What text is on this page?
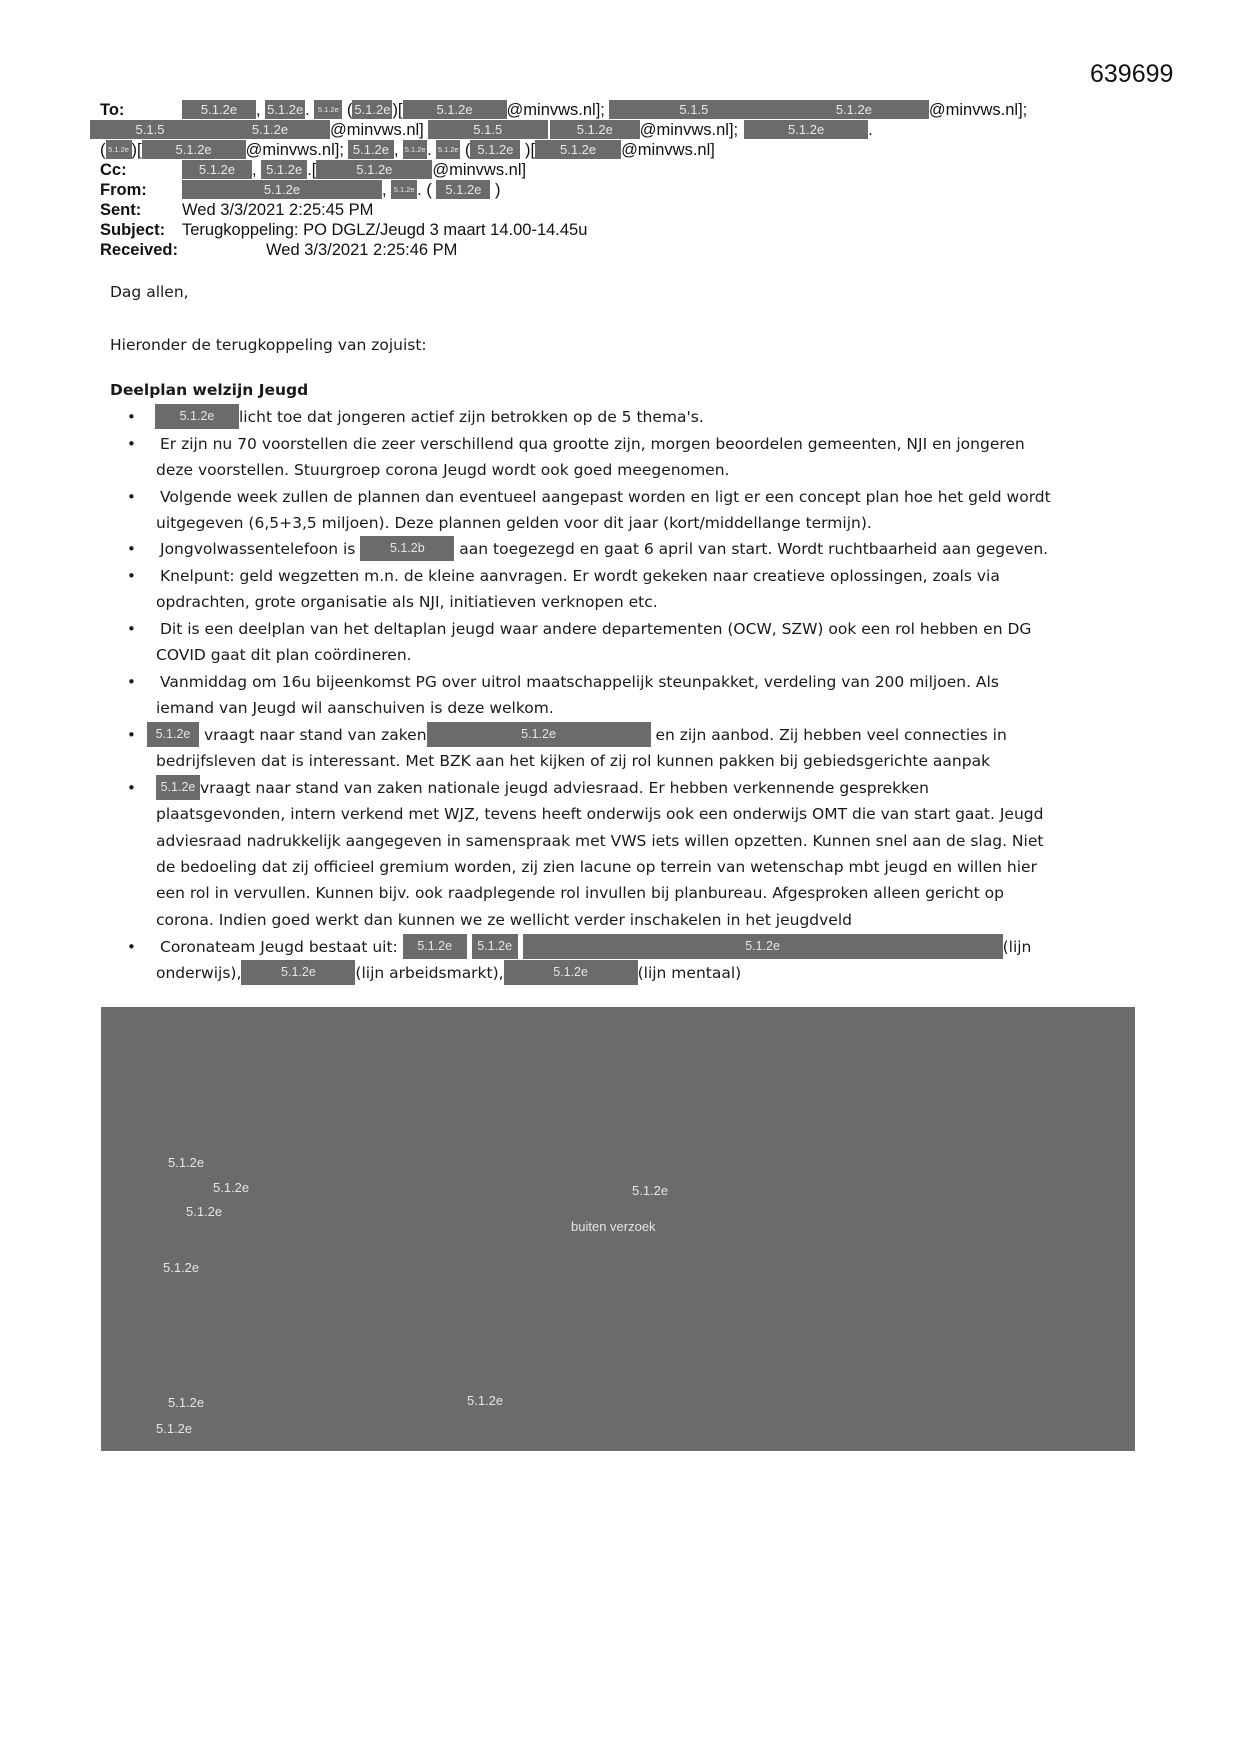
639699
To:	5.1.2e , 5.1.2e . 5.1.2e ( 5.1.2e )[	5.1.2e @minvws.nl];	5.1.5	5.1.2e	@minvws.nl];
5.1.5	5.1.2e	@minvws.nl]	5.1.5	5.1.2e @minvws.nl];	5.1.2e	.
( 5.1.2e )[	5.1.2e @minvws.nl]; 5.1.2e , 5.1.2e. 5.1.2e ( 5.1.2e )[ 5.1.2e @minvws.nl]
Cc:	5.1.2e , 5.1.2e .[	5.1.2e @minvws.nl]
From:	5.1.2e	, 5.1.2e . ( 5.1.2e )
Sent: Wed 3/3/2021 2:25:45 PM
Subject: Terugkoppeling: PO DGLZ/Jeugd 3 maart 14.00-14.45u
Received:	Wed 3/3/2021 2:25:46 PM
Dag allen,
Hieronder de terugkoppeling van zojuist:
Deelplan welzijn Jeugd
•	5.1.2e licht toe dat jongeren actief zijn betrokken op de 5 thema's.
• Er zijn nu 70 voorstellen die zeer verschillend qua grootte zijn, morgen beoordelen gemeenten, NJI en jongeren
deze voorstellen. Stuurgroep corona Jeugd wordt ook goed meegenomen.
• Volgende week zullen de plannen dan eventueel aangepast worden en ligt er een concept plan hoe het geld wordt
uitgegeven (6,5+3,5 miljoen). Deze plannen gelden voor dit jaar (kort/middellange termijn).
• Jongvolwassentelefoon is	5.1.2b aan toegezegd en gaat 6 april van start. Wordt ruchtbaarheid aan gegeven.
• Knelpunt: geld wegzetten m.n. de kleine aanvragen. Er wordt gekeken naar creatieve oplossingen, zoals via
opdrachten, grote organisatie als NJI, initiatieven verknopen etc.
• Dit is een deelplan van het deltaplan jeugd waar andere departementen (OCW, SZW) ook een rol hebben en DG
COVID gaat dit plan coördineren.
• Vanmiddag om 16u bijeenkomst PG over uitrol maatschappelijk steunpakket, verdeling van 200 miljoen. Als
iemand van Jeugd wil aanschuiven is deze welkom.
•	5.1.2e vraagt naar stand van zaken	5.1.2e	en zijn aanbod. Zij hebben veel connecties in
bedrijfsleven dat is interessant. Met BZK aan het kijken of zij rol kunnen pakken bij gebiedsgerichte aanpak
•	5.1.2e vraagt naar stand van zaken nationale jeugd adviesraad. Er hebben verkennende gesprekken
plaatsgevonden, intern verkend met WJZ, tevens heeft onderwijs ook een onderwijs OMT die van start gaat. Jeugd
adviesraad nadrukkelijk aangegeven in samenspraak met VWS iets willen opzetten. Kunnen snel aan de slag. Niet
de bedoeling dat zij officieel gremium worden, zij zien lacune op terrein van wetenschap mbt jeugd en willen hier
een rol in vervullen. Kunnen bijv. ook raadplegende rol invullen bij planbureau. Afgesproken alleen gericht op
corona. Indien goed werkt dan kunnen we ze wellicht verder inschakelen in het jeugdveld
• Coronateam Jeugd bestaat uit: 5.1.2e 5.1.2e	5.1.2e	(lijn
onderwijs),	5.1.2e	(lijn arbeidsmarkt),	5.1.2e	(lijn mentaal)
5.1.2e
5.1.2e
5.1.2e
5.1.2e
5.1.2e
buiten verzoek
5.1.2e	5.1.2e
5.1.2e
